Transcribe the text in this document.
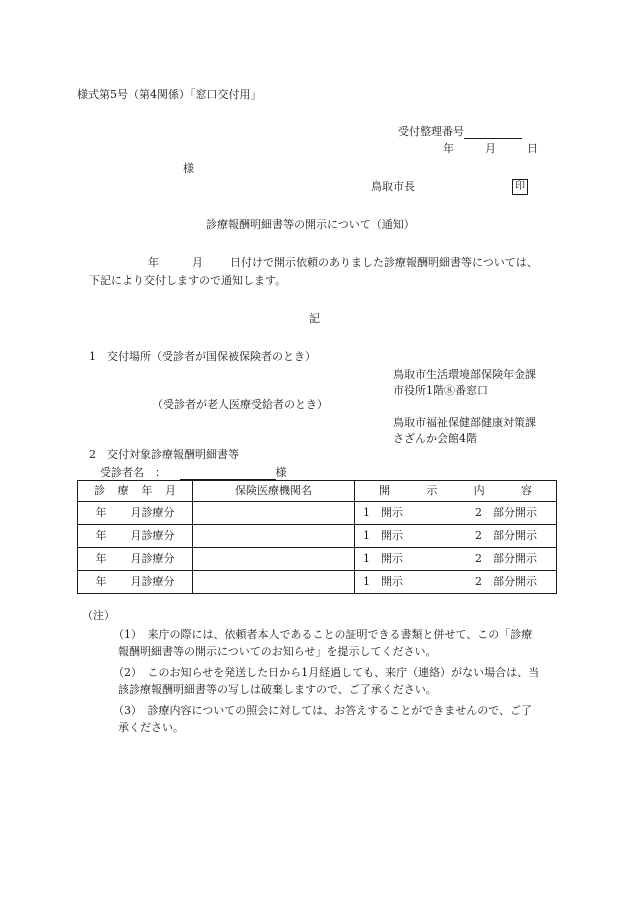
様式第5号（第4関係）「窓口交付用」
受付整理番号
年	月	日
様
鳥取市長	印
診療報酬明細書等の開示について（通知）
年	月 日付けで開示依頼のありました診療報酬明細書等については、
下記により交付しますので通知します。
記
1　交付場所（受診者が国保被保険者のとき）
鳥取市生活環境部保険年金課
市役所1階⑧番窓口
（受診者が老人医療受給者のとき）
鳥取市福祉保健部健康対策課
さざんか会館4階
2　交付対象診療報酬明細書等
受診者名　：	様
診 療 年 月	保険医療機関名	開 示 内 容

年 月診療分		1　開示 2　部分開示

年 月診療分		1　開示 2　部分開示

年 月診療分		1　開示 2　部分開示

年 月診療分		1　開示 2　部分開示
（注）
（1）　来庁の際には、依頼者本人であることの証明できる書類と併せて、この「診療
報酬明細書等の開示についてのお知らせ」を提示してください。
（2）　このお知らせを発送した日から1月経過しても、来庁（連絡）がない場合は、当
該診療報酬明細書等の写しは破棄しますので、ご了承ください。
（3）　診療内容についての照会に対しては、お答えすることができませんので、ご了
承ください。
